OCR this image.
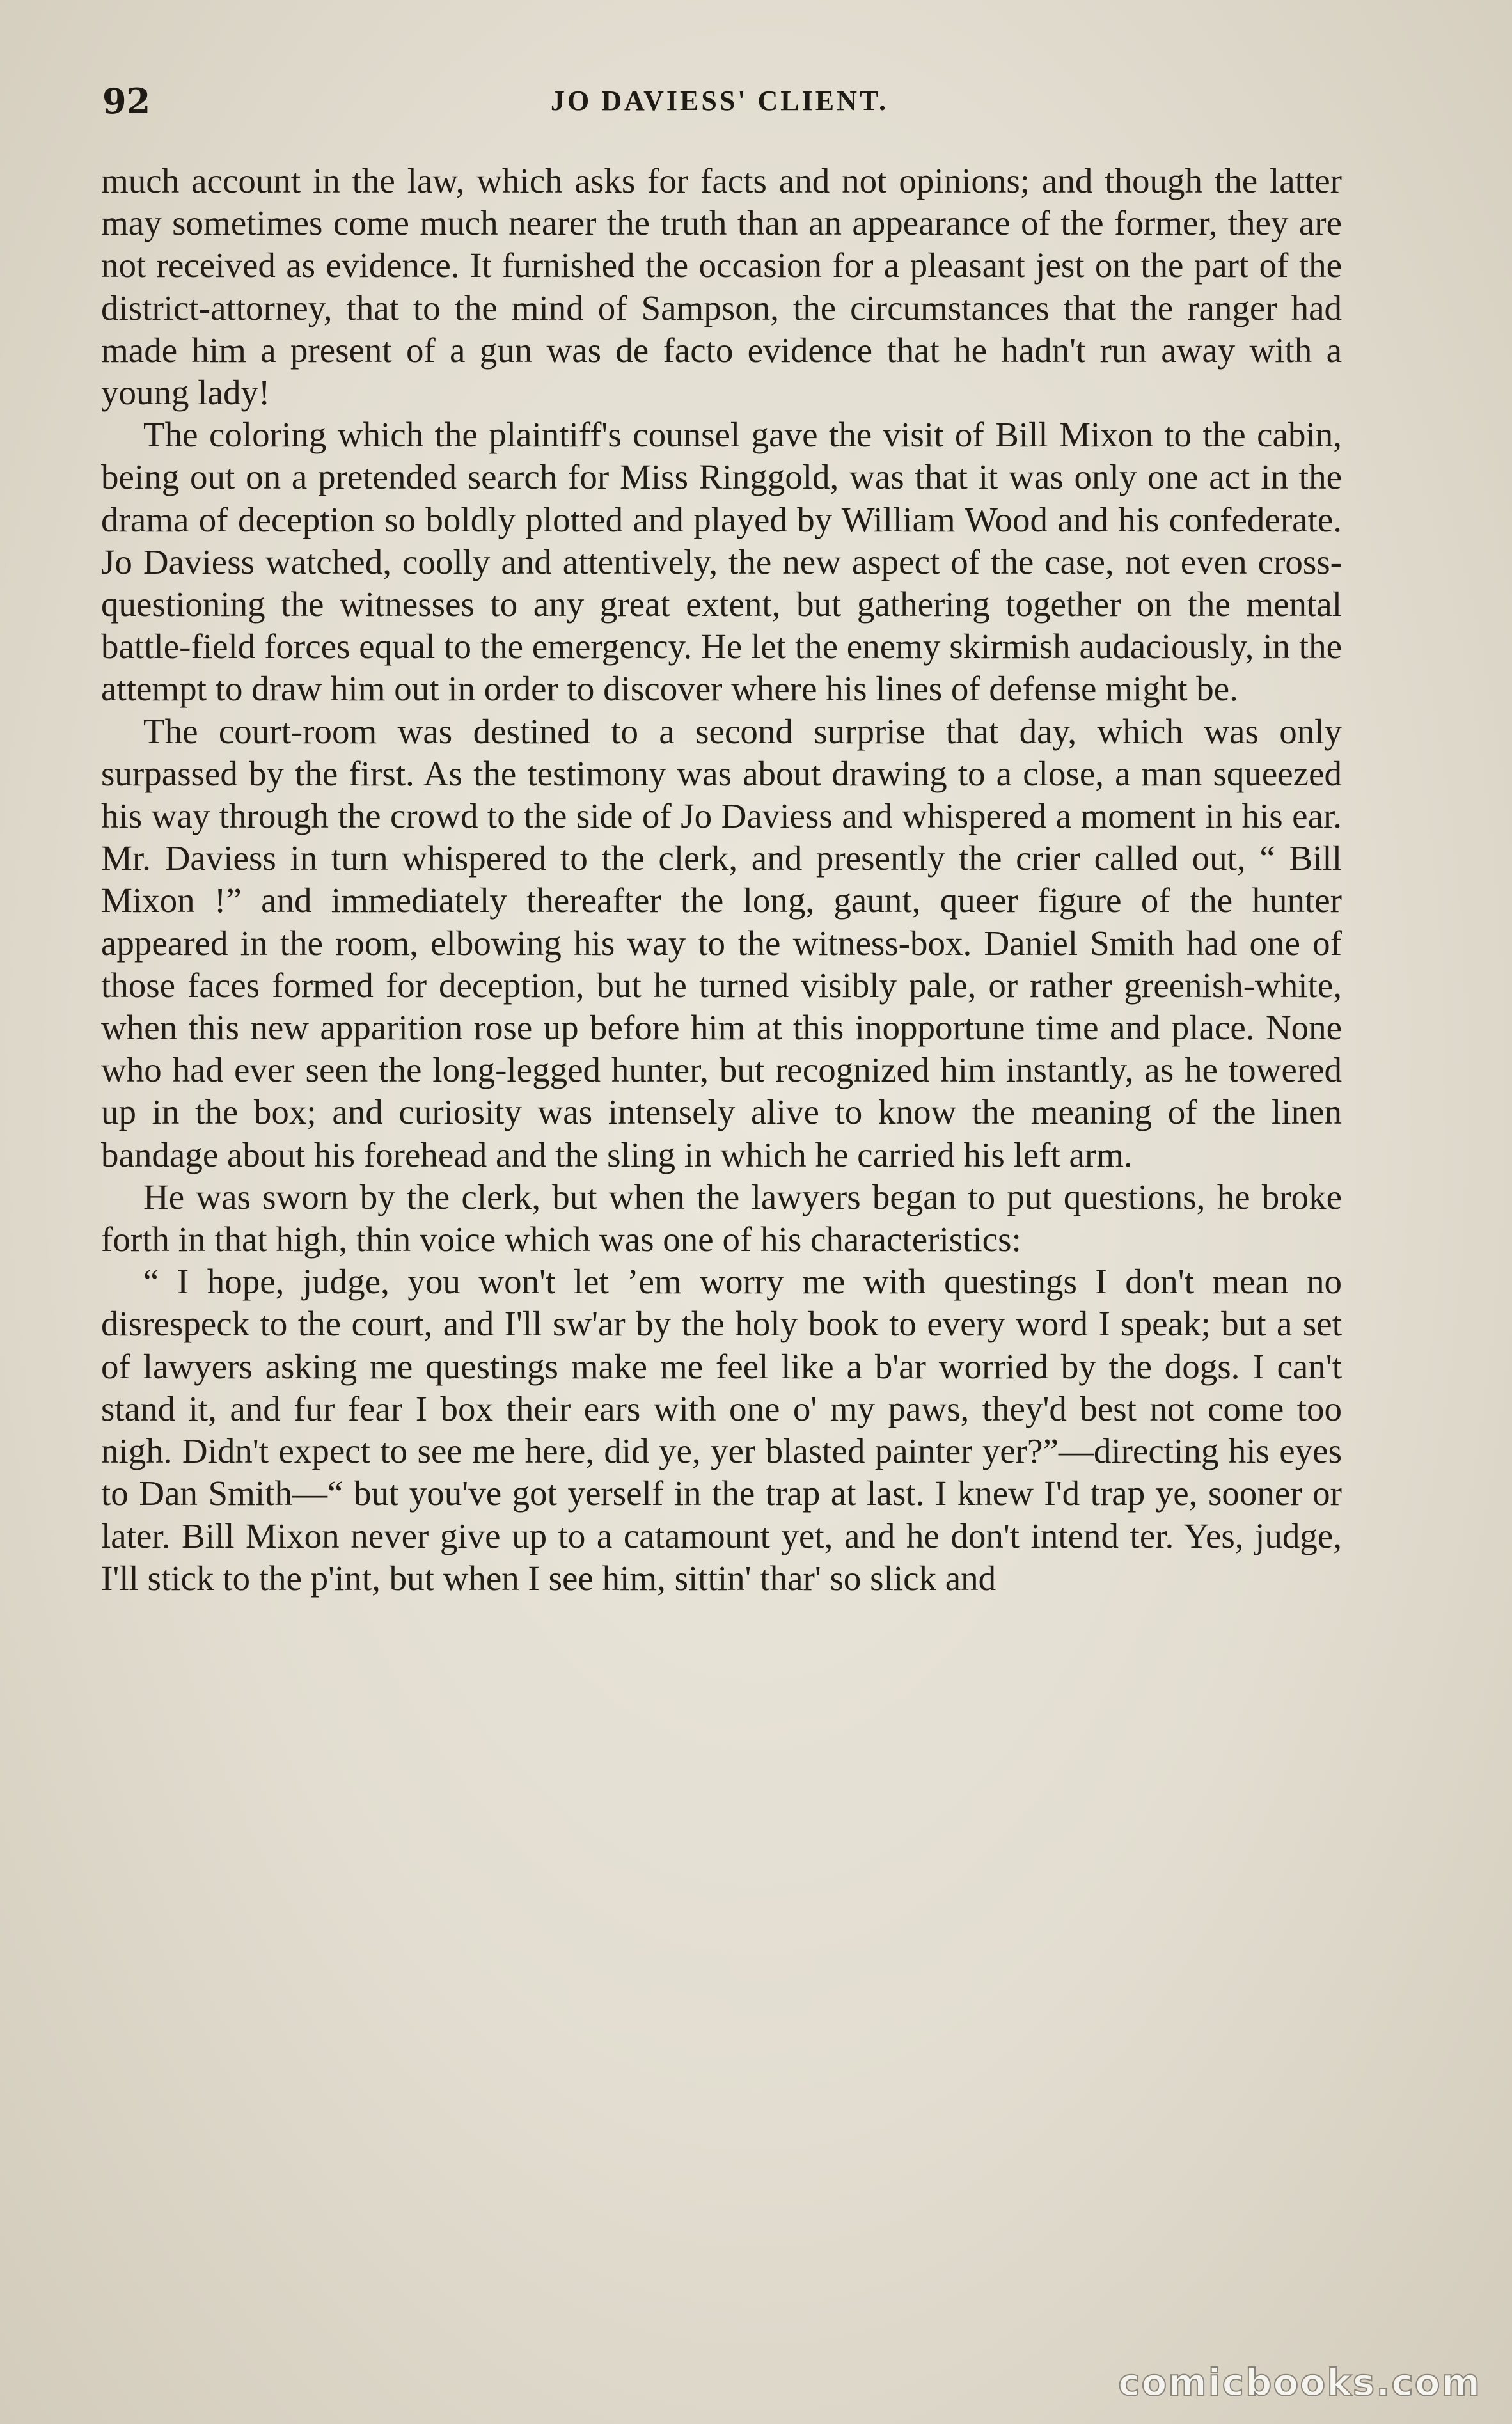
92	JO DAVIESS' CLIENT.

much account in the law, which asks for facts and not opinions; and though the latter may sometimes come much nearer the truth than an appearance of the former, they are not received as evidence. It furnished the occasion for a pleasant jest on the part of the district-attorney, that to the mind of Sampson, the circumstances that the ranger had made him a present of a gun was de facto evidence that he hadn't run away with a young lady!

The coloring which the plaintiff's counsel gave the visit of Bill Mixon to the cabin, being out on a pretended search for Miss Ringgold, was that it was only one act in the drama of deception so boldly plotted and played by William Wood and his confederate. Jo Daviess watched, coolly and attentively, the new aspect of the case, not even cross-questioning the witnesses to any great extent, but gathering together on the mental battle-field forces equal to the emergency. He let the enemy skirmish audaciously, in the attempt to draw him out in order to discover where his lines of defense might be.

The court-room was destined to a second surprise that day, which was only surpassed by the first. As the testimony was about drawing to a close, a man squeezed his way through the crowd to the side of Jo Daviess and whispered a moment in his ear. Mr. Daviess in turn whispered to the clerk, and presently the crier called out, “ Bill Mixon !” and immediately thereafter the long, gaunt, queer figure of the hunter appeared in the room, elbowing his way to the witness-box. Daniel Smith had one of those faces formed for deception, but he turned visibly pale, or rather greenish-white, when this new apparition rose up before him at this inopportune time and place. None who had ever seen the long-legged hunter, but recognized him instantly, as he towered up in the box; and curiosity was intensely alive to know the meaning of the linen bandage about his forehead and the sling in which he carried his left arm.

He was sworn by the clerk, but when the lawyers began to put questions, he broke forth in that high, thin voice which was one of his characteristics:

“ I hope, judge, you won't let ’em worry me with questings I don't mean no disrespeck to the court, and I'll sw'ar by the holy book to every word I speak; but a set of lawyers asking me questings make me feel like a b'ar worried by the dogs. I can't stand it, and fur fear I box their ears with one o' my paws, they'd best not come too nigh. Didn't expect to see me here, did ye, yer blasted painter yer?”—directing his eyes to Dan Smith—“ but you've got yerself in the trap at last. I knew I'd trap ye, sooner or later. Bill Mixon never give up to a catamount yet, and he don't intend ter. Yes, judge, I'll stick to the p'int, but when I see him, sittin' thar' so slick and

comicbooks.com
